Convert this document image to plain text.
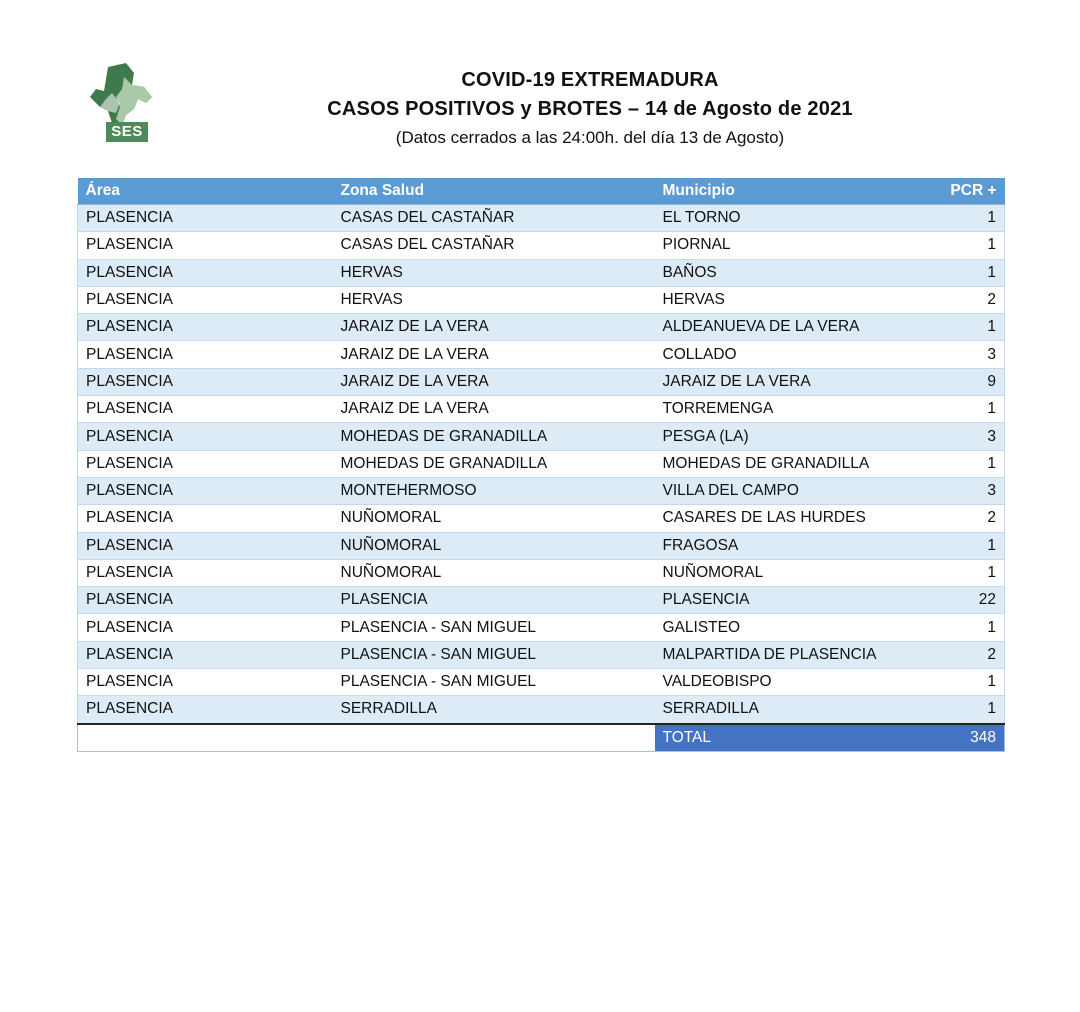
SES
COVID-19 EXTREMADURA
CASOS POSITIVOS y BROTES – 14 de Agosto de 2021
(Datos cerrados a las 24:00h. del día 13 de Agosto)
Área	Zona Salud	Municipio	PCR +
PLASENCIA	CASAS DEL CASTAÑAR	EL TORNO	1
PLASENCIA	CASAS DEL CASTAÑAR	PIORNAL	1
PLASENCIA	HERVAS	BAÑOS	1
PLASENCIA	HERVAS	HERVAS	2
PLASENCIA	JARAIZ DE LA VERA	ALDEANUEVA DE LA VERA	1
PLASENCIA	JARAIZ DE LA VERA	COLLADO	3
PLASENCIA	JARAIZ DE LA VERA	JARAIZ DE LA VERA	9
PLASENCIA	JARAIZ DE LA VERA	TORREMENGA	1
PLASENCIA	MOHEDAS DE GRANADILLA	PESGA (LA)	3
PLASENCIA	MOHEDAS DE GRANADILLA	MOHEDAS DE GRANADILLA	1
PLASENCIA	MONTEHERMOSO	VILLA DEL CAMPO	3
PLASENCIA	NUÑOMORAL	CASARES DE LAS HURDES	2
PLASENCIA	NUÑOMORAL	FRAGOSA	1
PLASENCIA	NUÑOMORAL	NUÑOMORAL	1
PLASENCIA	PLASENCIA	PLASENCIA	22
PLASENCIA	PLASENCIA - SAN MIGUEL	GALISTEO	1
PLASENCIA	PLASENCIA - SAN MIGUEL	MALPARTIDA DE PLASENCIA	2
PLASENCIA	PLASENCIA - SAN MIGUEL	VALDEOBISPO	1
PLASENCIA	SERRADILLA	SERRADILLA	1
		TOTAL	348
